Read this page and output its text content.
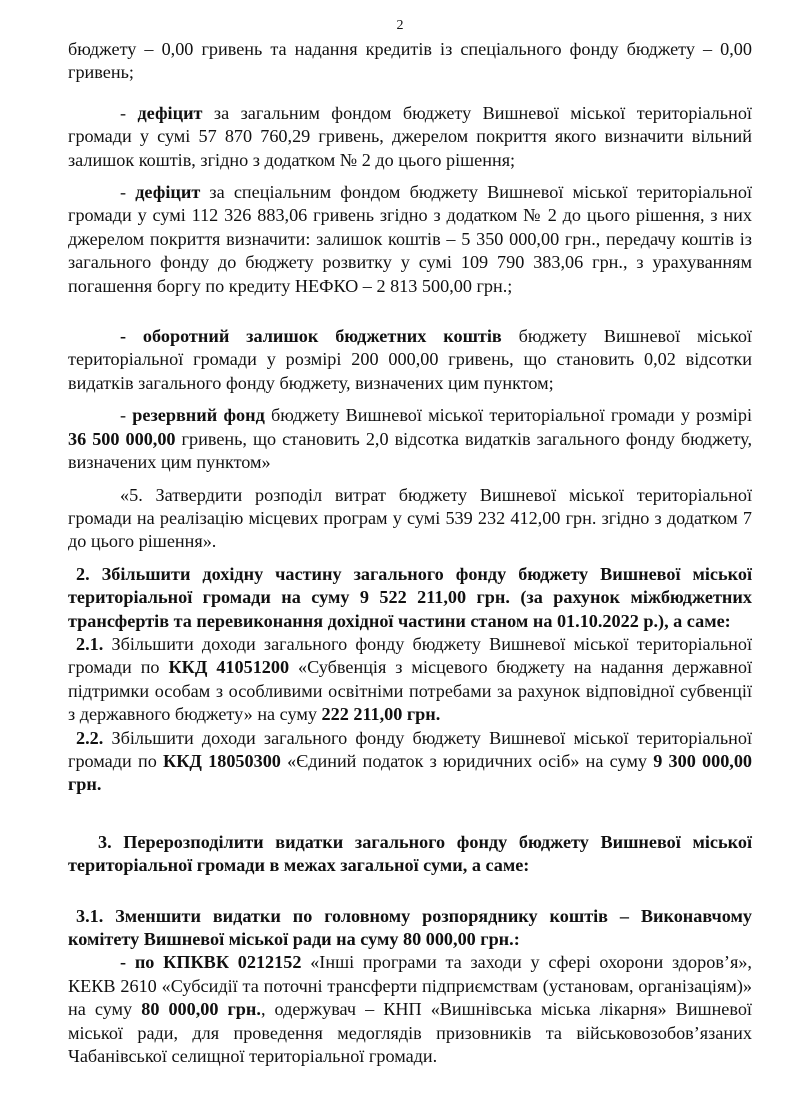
2

бюджету – 0,00 гривень та надання кредитів із спеціального фонду бюджету – 0,00 гривень;

- дефіцит за загальним фондом бюджету Вишневої міської територіальної громади у сумі 57 870 760,29 гривень, джерелом покриття якого визначити вільний залишок коштів, згідно з додатком № 2 до цього рішення;

- дефіцит за спеціальним фондом бюджету Вишневої міської територіальної громади у сумі 112 326 883,06 гривень згідно з додатком № 2 до цього рішення, з них джерелом покриття визначити: залишок коштів – 5 350 000,00 грн., передачу коштів із загального фонду до бюджету розвитку у сумі 109 790 383,06 грн., з урахуванням погашення боргу по кредиту НЕФКО – 2 813 500,00 грн.;

- оборотний залишок бюджетних коштів бюджету Вишневої міської територіальної громади у розмірі 200 000,00 гривень, що становить 0,02 відсотки видатків загального фонду бюджету, визначених цим пунктом;

- резервний фонд бюджету Вишневої міської територіальної громади у розмірі 36 500 000,00 гривень, що становить 2,0 відсотка видатків загального фонду бюджету, визначених цим пунктом»

«5. Затвердити розподіл витрат бюджету Вишневої міської територіальної громади на реалізацію місцевих програм у сумі 539 232 412,00 грн. згідно з додатком 7 до цього рішення».

2. Збільшити дохідну частину загального фонду бюджету Вишневої міської територіальної громади на суму 9 522 211,00 грн. (за рахунок міжбюджетних трансфертів та перевиконання дохідної частини станом на 01.10.2022 р.), а саме:

2.1. Збільшити доходи загального фонду бюджету Вишневої міської територіальної громади по ККД 41051200 «Субвенція з місцевого бюджету на надання державної підтримки особам з особливими освітніми потребами за рахунок відповідної субвенції з державного бюджету» на суму 222 211,00 грн.

2.2. Збільшити доходи загального фонду бюджету Вишневої міської територіальної громади по ККД 18050300 «Єдиний податок з юридичних осіб» на суму 9 300 000,00 грн.

3. Перерозподілити видатки загального фонду бюджету Вишневої міської територіальної громади в межах загальної суми, а саме:

3.1. Зменшити видатки по головному розпоряднику коштів – Виконавчому комітету Вишневої міської ради на суму 80 000,00 грн.:

- по КПКВК 0212152 «Інші програми та заходи у сфері охорони здоров’я», КЕКВ 2610 «Субсидії та поточні трансферти підприємствам (установам, організаціям)» на суму 80 000,00 грн., одержувач – КНП «Вишнівська міська лікарня» Вишневої міської ради, для проведення медоглядів призовників та військовозобов’язаних Чабанівської селищної територіальної громади.
